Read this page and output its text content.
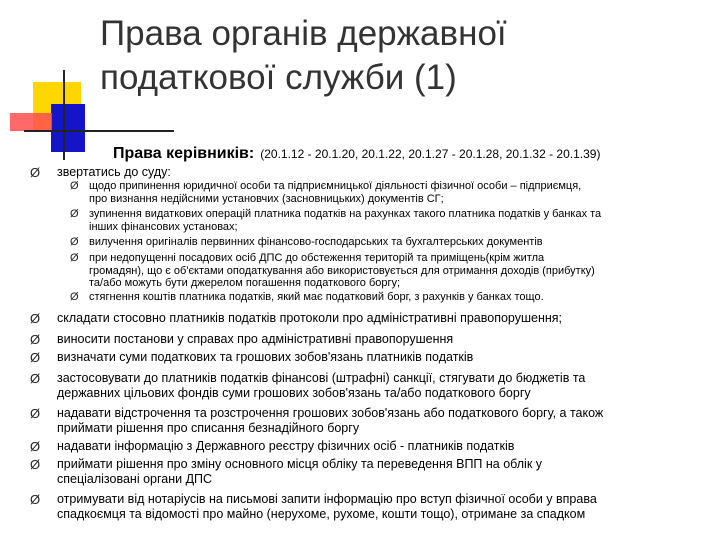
Права органів державної
податкової служби (1)
Права керівників: (20.1.12 - 20.1.20, 20.1.22, 20.1.27 - 20.1.28, 20.1.32 - 20.1.39)
Ø звертатись до суду:
Ø щодо припинення юридичної особи та підприємницької діяльності фізичної особи – підприємця,
про визнання недійсними установчих (засновницьких) документів СГ;
Ø зупинення видаткових операцій платника податків на рахунках такого платника податків у банках та
інших фінансових установах;
Ø вилучення оригіналів первинних фінансово-господарських та бухгалтерських документів
Ø при недопущенні посадових осіб ДПС до обстеження територій та приміщень(крім житла
громадян), що є об'єктами оподаткування або використовується для отримання доходів (прибутку)
та/або можуть бути джерелом погашення податкового боргу;
Ø стягнення коштів платника податків, який має податковий борг, з рахунків у банках тощо.
Ø складати стосовно платників податків протоколи про адміністративні правопорушення;
Ø виносити постанови у справах про адміністративні правопорушення
Ø визначати суми податкових та грошових зобов'язань платників податків
Ø застосовувати до платників податків фінансові (штрафні) санкції, стягувати до бюджетів та
державних цільових фондів суми грошових зобов'язань та/або податкового боргу
Ø надавати відстрочення та розстрочення грошових зобов'язань або податкового боргу, а також
приймати рішення про списання безнадійного боргу
Ø надавати інформацію з Державного реєстру фізичних осіб - платників податків
Ø приймати рішення про зміну основного місця обліку та переведення ВПП на облік у
спеціалізовані органи ДПС
Ø отримувати від нотаріусів на письмові запити інформацію про вступ фізичної особи у вправа
спадкоємця та відомості про майно (нерухоме, рухоме, кошти тощо), отримане за спадком
